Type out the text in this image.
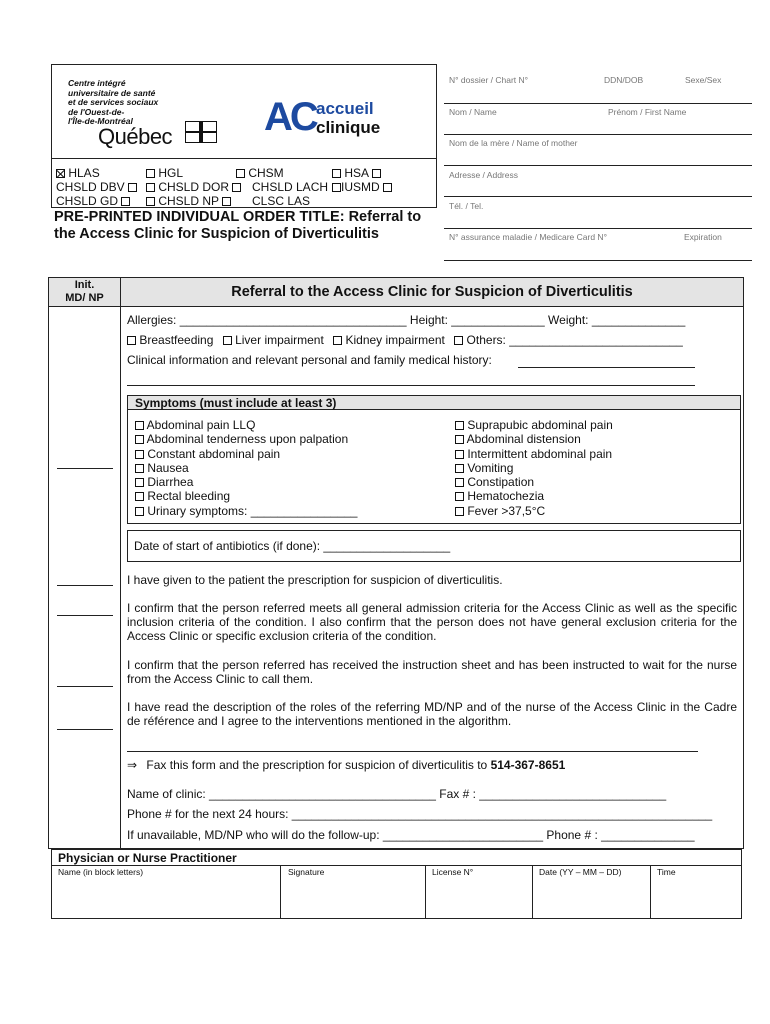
Centre intégré
universitaire de santé
et de services sociaux
de l'Ouest-de-
l'Île-de-Montréal
Québec AC accueil
clinique
HLAS	HGL	CHSM	HSA
CHSLD DBV	CHSLD DOR	CHSLD LACH	IUSMD
CHSLD GD	CHSLD NP	CLSC LAS
PRE-PRINTED INDIVIDUAL ORDER TITLE: Referral to the Access Clinic for Suspicion of Diverticulitis
N° dossier / Chart N°	DDN/DOB	Sexe/Sex
Nom / Name	Prénom / First Name
Nom de la mère / Name of mother
Adresse / Address
Tél. / Tel.
N° assurance maladie / Medicare Card N°	Expiration
Init.
MD/ NP	Referral to the Access Clinic for Suspicion of Diverticulitis
Allergies: __________________________________ Height: ______________ Weight: ______________
Breastfeeding Liver impairment Kidney impairment Others: __________________________
Clinical information and relevant personal and family medical history:
Symptoms (must include at least 3)
Abdominal pain LLQ
Abdominal tenderness upon palpation
Constant abdominal pain
Nausea
Diarrhea
Rectal bleeding
Urinary symptoms: ________________
Suprapubic abdominal pain
Abdominal distension
Intermittent abdominal pain
Vomiting
Constipation
Hematochezia
Fever >37,5°C
Date of start of antibiotics (if done): ___________________
I have given to the patient the prescription for suspicion of diverticulitis.
I confirm that the person referred meets all general admission criteria for the Access Clinic as well as the specific inclusion criteria of the condition. I also confirm that the person does not have general exclusion criteria for the Access Clinic or specific exclusion criteria of the condition.
I confirm that the person referred has received the instruction sheet and has been instructed to wait for the nurse from the Access Clinic to call them.
I have read the description of the roles of the referring MD/NP and of the nurse of the Access Clinic in the Cadre de référence and I agree to the interventions mentioned in the algorithm.
⇒ Fax this form and the prescription for suspicion of diverticulitis to 514-367-8651
Name of clinic: __________________________________ Fax # : ____________________________
Phone # for the next 24 hours: _______________________________________________________________
If unavailable, MD/NP who will do the follow-up: ________________________ Phone # : ______________
Physician or Nurse Practitioner
Name (in block letters)	Signature	License N°	Date (YY – MM – DD)	Time
